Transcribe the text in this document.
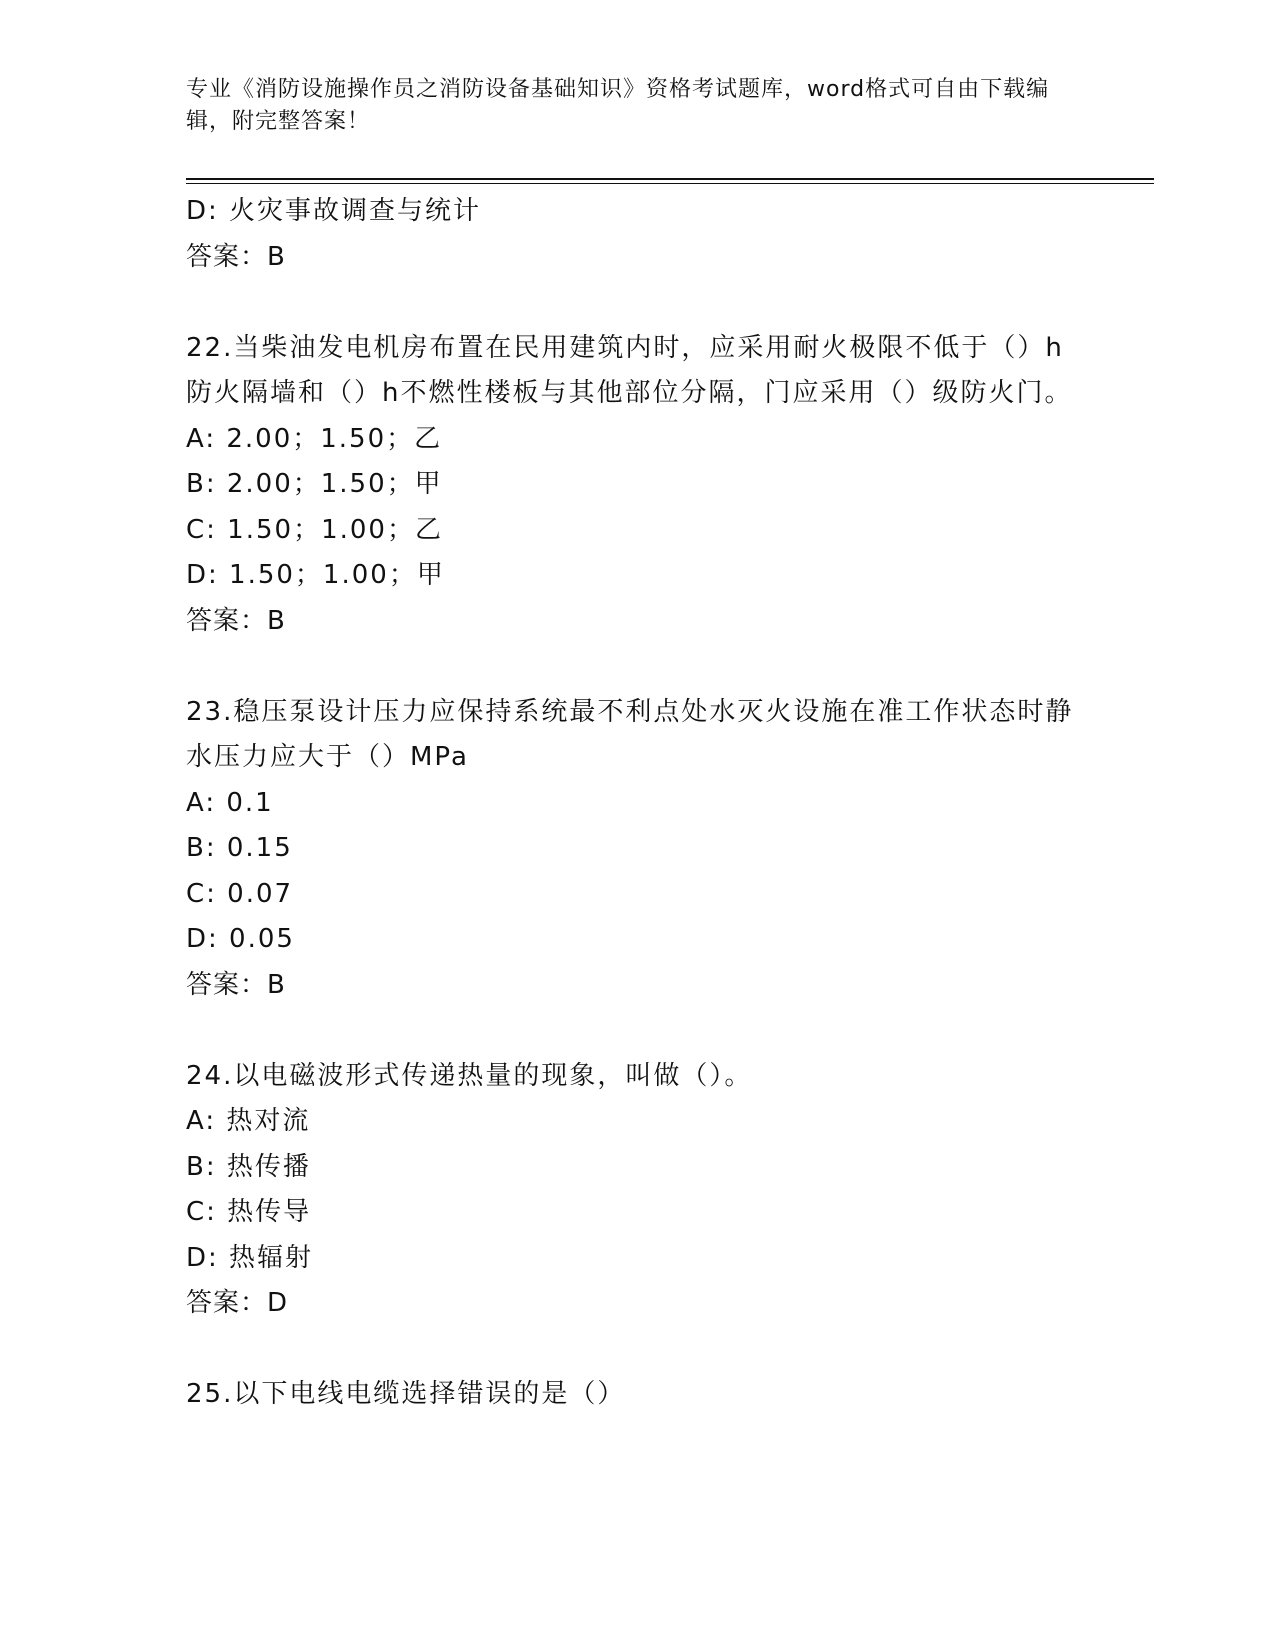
专业《消防设施操作员之消防设备基础知识》资格考试题库，word格式可自由下载编辑，附完整答案！
D: 火灾事故调查与统计
答案：B
22.当柴油发电机房布置在民用建筑内时，应采用耐火极限不低于（）h防火隔墙和（）h不燃性楼板与其他部位分隔，门应采用（）级防火门。
A: 2.00；1.50；乙
B: 2.00；1.50；甲
C: 1.50；1.00；乙
D: 1.50；1.00；甲
答案：B
23.稳压泵设计压力应保持系统最不利点处水灭火设施在准工作状态时静水压力应大于（）MPa
A: 0.1
B: 0.15
C: 0.07
D: 0.05
答案：B
24.以电磁波形式传递热量的现象，叫做（）。
A: 热对流
B: 热传播
C: 热传导
D: 热辐射
答案：D
25.以下电线电缆选择错误的是（）
